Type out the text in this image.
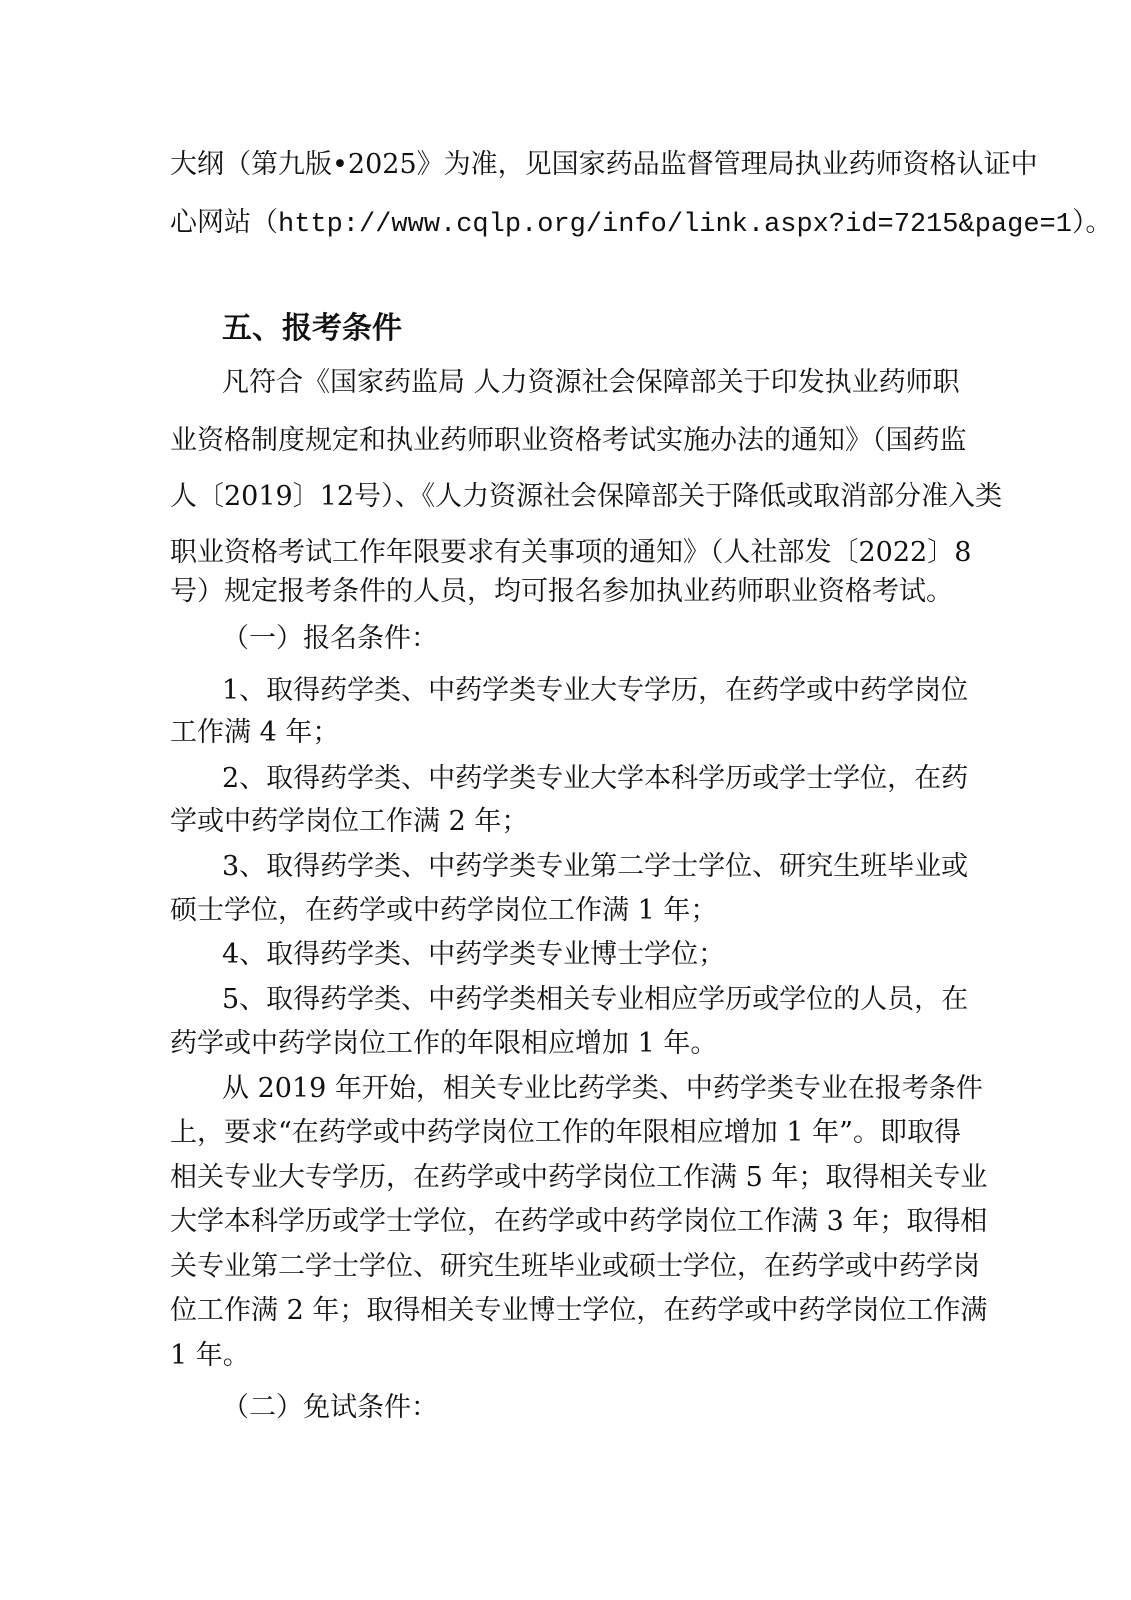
大纲（第九版•2025》为准，见国家药品监督管理局执业药师资格认证中
心网站（http://www.cqlp.org/info/link.aspx?id=7215&page=1）。
五、报考条件
凡符合《国家药监局 人力资源社会保障部关于印发执业药师职
业资格制度规定和执业药师职业资格考试实施办法的通知》（国药监
人〔2019〕12号）、《人力资源社会保障部关于降低或取消部分准入类
职业资格考试工作年限要求有关事项的通知》（人社部发〔2022〕8
号）规定报考条件的人员，均可报名参加执业药师职业资格考试。
（一）报名条件：
1、取得药学类、中药学类专业大专学历，在药学或中药学岗位
工作满 4 年；
2、取得药学类、中药学类专业大学本科学历或学士学位，在药
学或中药学岗位工作满 2 年；
3、取得药学类、中药学类专业第二学士学位、研究生班毕业或
硕士学位，在药学或中药学岗位工作满 1 年；
4、取得药学类、中药学类专业博士学位；
5、取得药学类、中药学类相关专业相应学历或学位的人员，在
药学或中药学岗位工作的年限相应增加 1 年。
从 2019 年开始，相关专业比药学类、中药学类专业在报考条件
上，要求“在药学或中药学岗位工作的年限相应增加 1 年”。即取得
相关专业大专学历，在药学或中药学岗位工作满 5 年；取得相关专业
大学本科学历或学士学位，在药学或中药学岗位工作满 3 年；取得相
关专业第二学士学位、研究生班毕业或硕士学位，在药学或中药学岗
位工作满 2 年；取得相关专业博士学位，在药学或中药学岗位工作满
1 年。
（二）免试条件：
